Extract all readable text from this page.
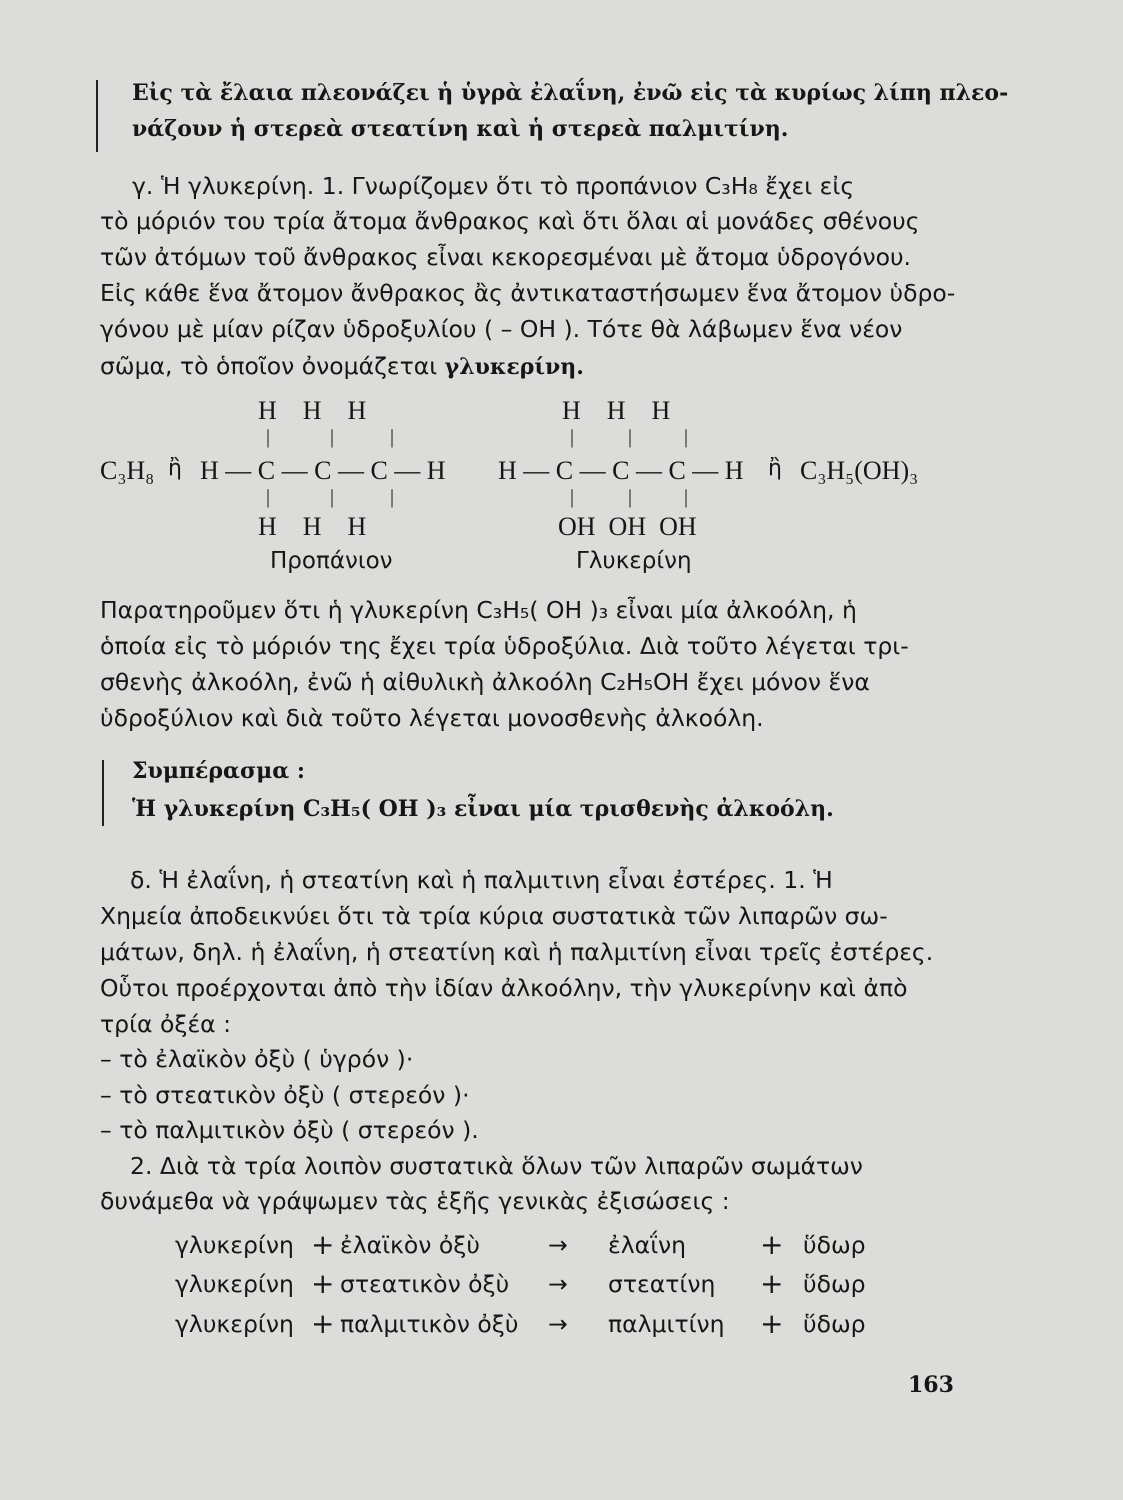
Εἰς τὰ ἔλαια πλεονάζει ἡ ὑγρὰ ἐλαΐνη, ἐνῶ εἰς τὰ κυρίως λίπη πλεο-
νάζουν ἡ στερεὰ στεατίνη καὶ ἡ στερεὰ παλμιτίνη.
γ. Ἡ γλυκερίνη. 1. Γνωρίζομεν ὅτι τὸ προπάνιον C₃H₈ ἔχει εἰς
τὸ μόριόν του τρία ἄτομα ἄνθρακος καὶ ὅτι ὅλαι αἱ μονάδες σθένους
τῶν ἀτόμων τοῦ ἄνθρακος εἶναι κεκορεσμέναι μὲ ἄτομα ὑδρογόνου.
Εἰς κάθε ἕνα ἄτομον ἄνθρακος ἂς ἀντικαταστήσωμεν ἕνα ἄτομον ὑδρο-
γόνου μὲ μίαν ρίζαν ὑδροξυλίου ( – OH ). Τότε θὰ λάβωμεν ἕνα νέον
σῶμα, τὸ ὁποῖον ὀνομάζεται γλυκερίνη.
H    H    H
|	|	|
C₃H₈ ἢ H — C — C — C — H
|	|	|
H    H    H
Προπάνιον
H    H    H
|	|	|
H — C — C — C — H ἢ C₃H₅(OH)₃
|	|	|
OH  OH  OH
Γλυκερίνη
Παρατηροῦμεν ὅτι ἡ γλυκερίνη C₃H₅( OH )₃ εἶναι μία ἀλκοόλη, ἡ
ὁποία εἰς τὸ μόριόν της ἔχει τρία ὑδροξύλια. Διὰ τοῦτο λέγεται τρι-
σθενὴς ἀλκοόλη, ἐνῶ ἡ αἰθυλικὴ ἀλκοόλη C₂H₅OH ἔχει μόνον ἕνα
ὑδροξύλιον καὶ διὰ τοῦτο λέγεται μονοσθενὴς ἀλκοόλη.
Συμπέρασμα :
Ἡ γλυκερίνη C₃H₅( OH )₃ εἶναι μία τρισθενὴς ἀλκοόλη.
δ. Ἡ ἐλαΐνη, ἡ στεατίνη καὶ ἡ παλμιτινη εἶναι ἐστέρες. 1. Ἡ
Χημεία ἀποδεικνύει ὅτι τὰ τρία κύρια συστατικὰ τῶν λιπαρῶν σω-
μάτων, δηλ. ἡ ἐλαΐνη, ἡ στεατίνη καὶ ἡ παλμιτίνη εἶναι τρεῖς ἐστέρες.
Οὗτοι προέρχονται ἀπὸ τὴν ἰδίαν ἀλκοόλην, τὴν γλυκερίνην καὶ ἀπὸ
τρία ὀξέα :
– τὸ ἐλαϊκὸν ὀξὺ ( ὑγρόν )·
– τὸ στεατικὸν ὀξὺ ( στερεόν )·
– τὸ παλμιτικὸν ὀξὺ ( στερεόν ).
2. Διὰ τὰ τρία λοιπὸν συστατικὰ ὅλων τῶν λιπαρῶν σωμάτων
δυνάμεθα νὰ γράψωμεν τὰς ἑξῆς γενικὰς ἐξισώσεις :
γλυκερίνη + ἐλαϊκὸν ὀξὺ	→ ἐλαΐνη	+ ὕδωρ
γλυκερίνη + στεατικὸν ὀξὺ → στεατίνη + ὕδωρ
γλυκερίνη + παλμιτικὸν ὀξὺ → παλμιτίνη + ὕδωρ
163
